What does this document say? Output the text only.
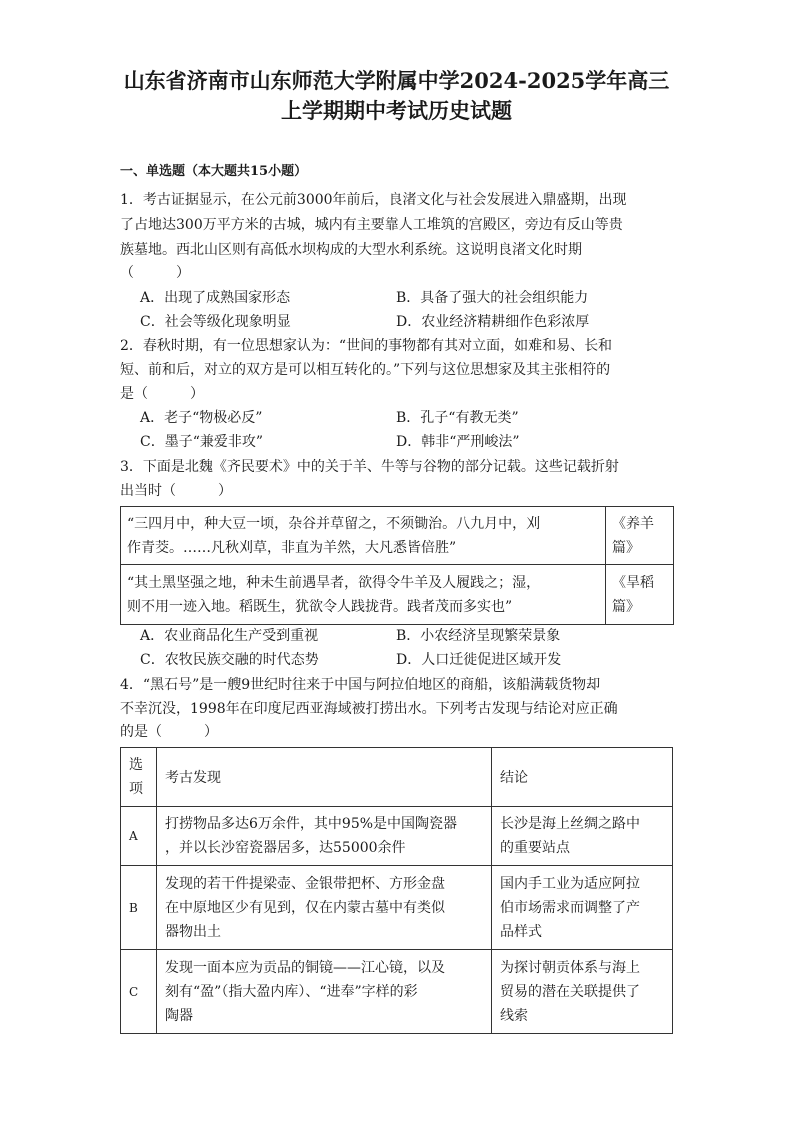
山东省济南市山东师范大学附属中学2024-2025学年高三
上学期期中考试历史试题
一、单选题（本大题共15小题）
1．考古证据显示，在公元前3000年前后，良渚文化与社会发展进入鼎盛期，出现
了占地达300万平方米的古城，城内有主要靠人工堆筑的宫殿区，旁边有反山等贵
族墓地。西北山区则有高低水坝构成的大型水利系统。这说明良渚文化时期
（　　　）
A．出现了成熟国家形态	B．具备了强大的社会组织能力
C．社会等级化现象明显	D．农业经济精耕细作色彩浓厚
2．春秋时期，有一位思想家认为：“世间的事物都有其对立面，如难和易、长和
短、前和后，对立的双方是可以相互转化的。”下列与这位思想家及其主张相符的
是（　　　）
A．老子“物极必反”	B．孔子“有教无类”
C．墨子“兼爱非攻”	D．韩非“严刑峻法”
3．下面是北魏《齐民要术》中的关于羊、牛等与谷物的部分记载。这些记载折射
出当时（　　　）
“三四月中，种大豆一顷，杂谷并草留之，不须锄治。八九月中，刈
作青茭。……凡秋刈草，非直为羊然，大凡悉皆倍胜”	《养羊
篇》

“其土黑坚强之地，种未生前遇旱者，欲得令牛羊及人履践之；湿，
则不用一迹入地。稻既生，犹欲令人践拢背。践者茂而多实也”	《旱稻
篇》
A．农业商品化生产受到重视	B．小农经济呈现繁荣景象
C．农牧民族交融的时代态势	D．人口迁徙促进区域开发
4．“黑石号”是一艘9世纪时往来于中国与阿拉伯地区的商船，该船满载货物却
不幸沉没，1998年在印度尼西亚海域被打捞出水。下列考古发现与结论对应正确
的是（　　　）
选
项	考古发现	结论
A	打捞物品多达6万余件，其中95%是中国陶瓷器
，并以长沙窑瓷器居多，达55000余件	长沙是海上丝绸之路中
的重要站点

B	发现的若干件提梁壶、金银带把杯、方形金盘
在中原地区少有见到，仅在内蒙古墓中有类似
器物出土	国内手工业为适应阿拉
伯市场需求而调整了产
品样式

C	发现一面本应为贡品的铜镜——江心镜，以及
刻有“盈”（指大盈内库）、“进奉”字样的彩
陶器	为探讨朝贡体系与海上
贸易的潜在关联提供了
线索
